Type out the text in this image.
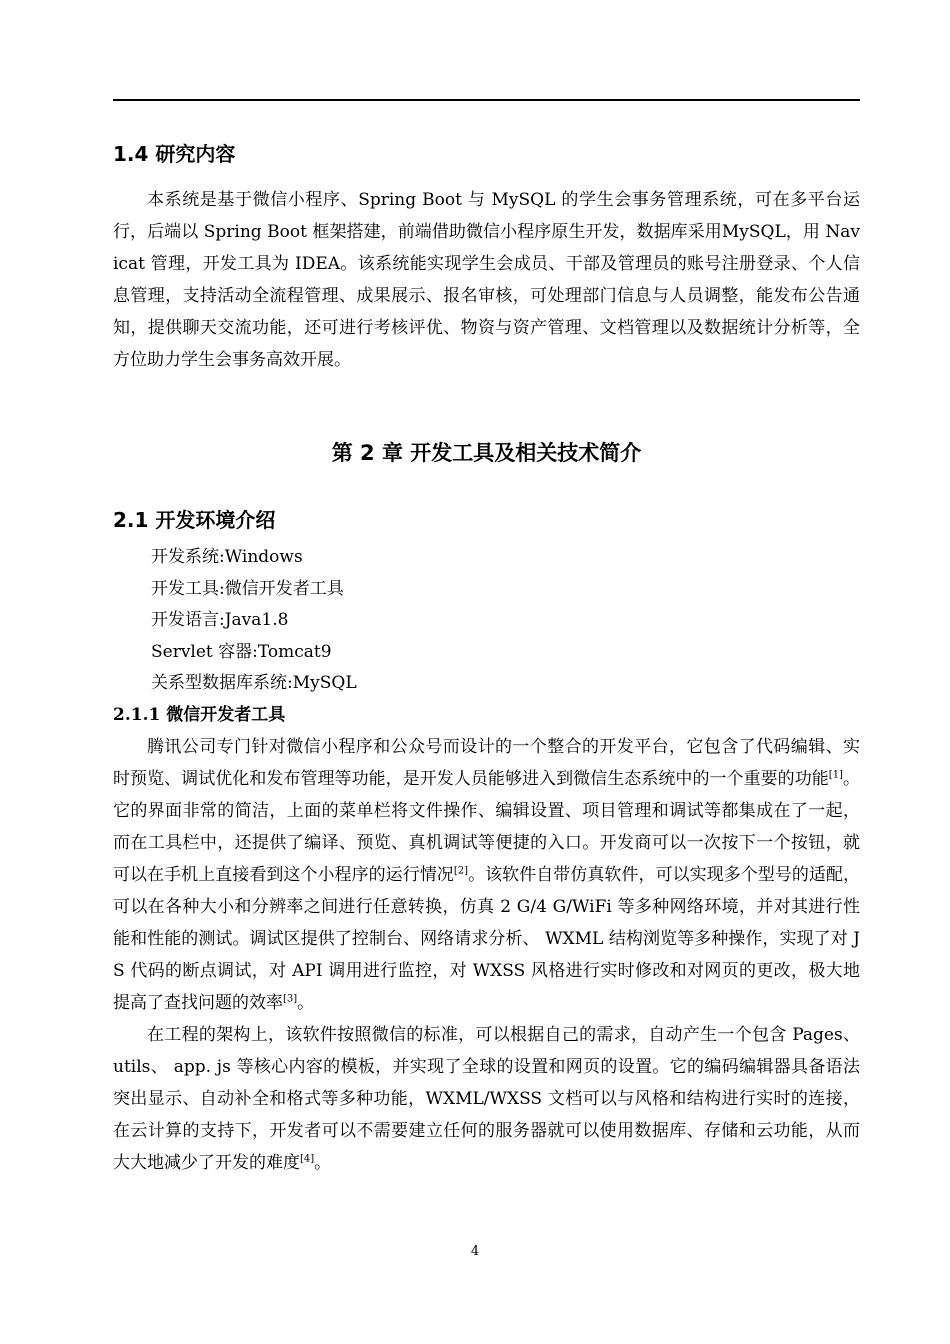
1.4 研究内容

本系统是基于微信小程序、Spring Boot 与 MySQL 的学生会事务管理系统，可在多平台运行，后端以 Spring Boot 框架搭建，前端借助微信小程序原生开发，数据库采用MySQL，用 Navicat 管理，开发工具为 IDEA。该系统能实现学生会成员、干部及管理员的账号注册登录、个人信息管理，支持活动全流程管理、成果展示、报名审核，可处理部门信息与人员调整，能发布公告通知，提供聊天交流功能，还可进行考核评优、物资与资产管理、文档管理以及数据统计分析等，全方位助力学生会事务高效开展。

第 2 章 开发工具及相关技术简介
2.1 开发环境介绍
开发系统:Windows
开发工具:微信开发者工具
开发语言:Java1.8
Servlet 容器:Tomcat9
关系型数据库系统:MySQL
2.1.1 微信开发者工具

腾讯公司专门针对微信小程序和公众号而设计的一个整合的开发平台，它包含了代码编辑、实时预览、调试优化和发布管理等功能，是开发人员能够进入到微信生态系统中的一个重要的功能[1]。它的界面非常的简洁，上面的菜单栏将文件操作、编辑设置、项目管理和调试等都集成在了一起，而在工具栏中，还提供了编译、预览、真机调试等便捷的入口。开发商可以一次按下一个按钮，就可以在手机上直接看到这个小程序的运行情况[2]。该软件自带仿真软件，可以实现多个型号的适配，可以在各种大小和分辨率之间进行任意转换，仿真 2 G/4 G/WiFi 等多种网络环境，并对其进行性能和性能的测试。调试区提供了控制台、网络请求分析、 WXML 结构浏览等多种操作，实现了对 JS 代码的断点调试，对 API 调用进行监控，对 WXSS 风格进行实时修改和对网页的更改，极大地提高了查找问题的效率[3]。

在工程的架构上，该软件按照微信的标准，可以根据自己的需求，自动产生一个包含 Pages、 utils、 app. js 等核心内容的模板，并实现了全球的设置和网页的设置。它的编码编辑器具备语法突出显示、自动补全和格式等多种功能，WXML/WXSS 文档可以与风格和结构进行实时的连接，在云计算的支持下，开发者可以不需要建立任何的服务器就可以使用数据库、存储和云功能，从而大大地减少了开发的难度[4]。

4
